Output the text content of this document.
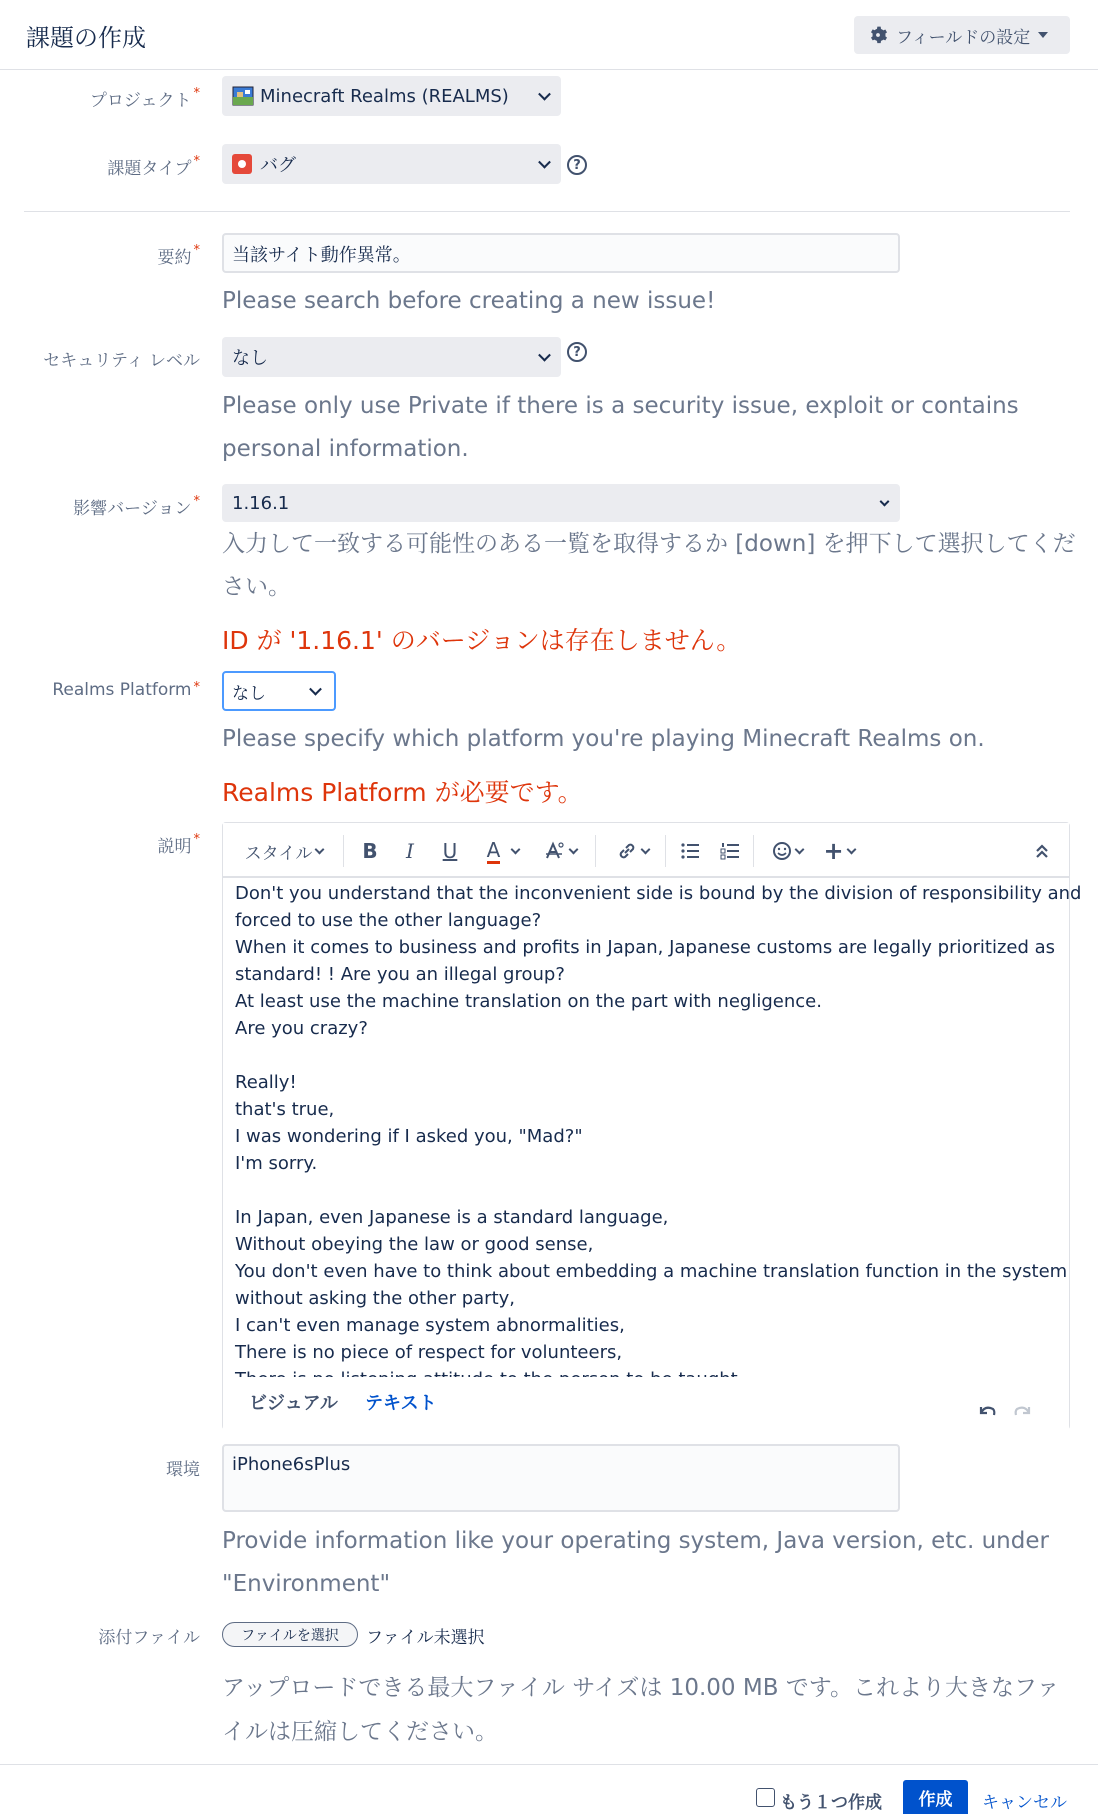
課題の作成	フィールドの設定
プロジェクト *	Minecraft Realms (REALMS)
課題タイプ *	バグ	?
要約 *	当該サイト動作異常。
Please search before creating a new issue!
セキュリティ レベル なし	?
Please only use Private if there is a security issue, exploit or contains
personal information.
影響バージョン * 1.16.1
入力して一致する可能性のある一覧を取得するか [down] を押下して選択してくだ
さい。
ID が '1.16.1' のバージョンは存在しません。
Realms Platform * なし
Please specify which platform you're playing Minecraft Realms on.
Realms Platform が必要です。
説明 *
スタイル	B	I	U	A	+
Don't you understand that the inconvenient side is bound by the division of responsibility and
forced to use the other language?
When it comes to business and profits in Japan, Japanese customs are legally prioritized as
standard! ! Are you an illegal group?
At least use the machine translation on the part with negligence.
Are you crazy?
Really!
that's true,
I was wondering if I asked you, "Mad?"
I'm sorry.
In Japan, even Japanese is a standard language,
Without obeying the law or good sense,
You don't even have to think about embedding a machine translation function in the system
without asking the other party,
I can't even manage system abnormalities,
There is no piece of respect for volunteers,
ビジュアル テキスト
環境	iPhone6sPlus
Provide information like your operating system, Java version, etc. under
"Environment"
添付ファイル	ファイルを選択	ファイル未選択
アップロードできる最大ファイル サイズは 10.00 MB です。これより大きなファ
イルは圧縮してください。
もう１つ作成	作成	キャンセル
